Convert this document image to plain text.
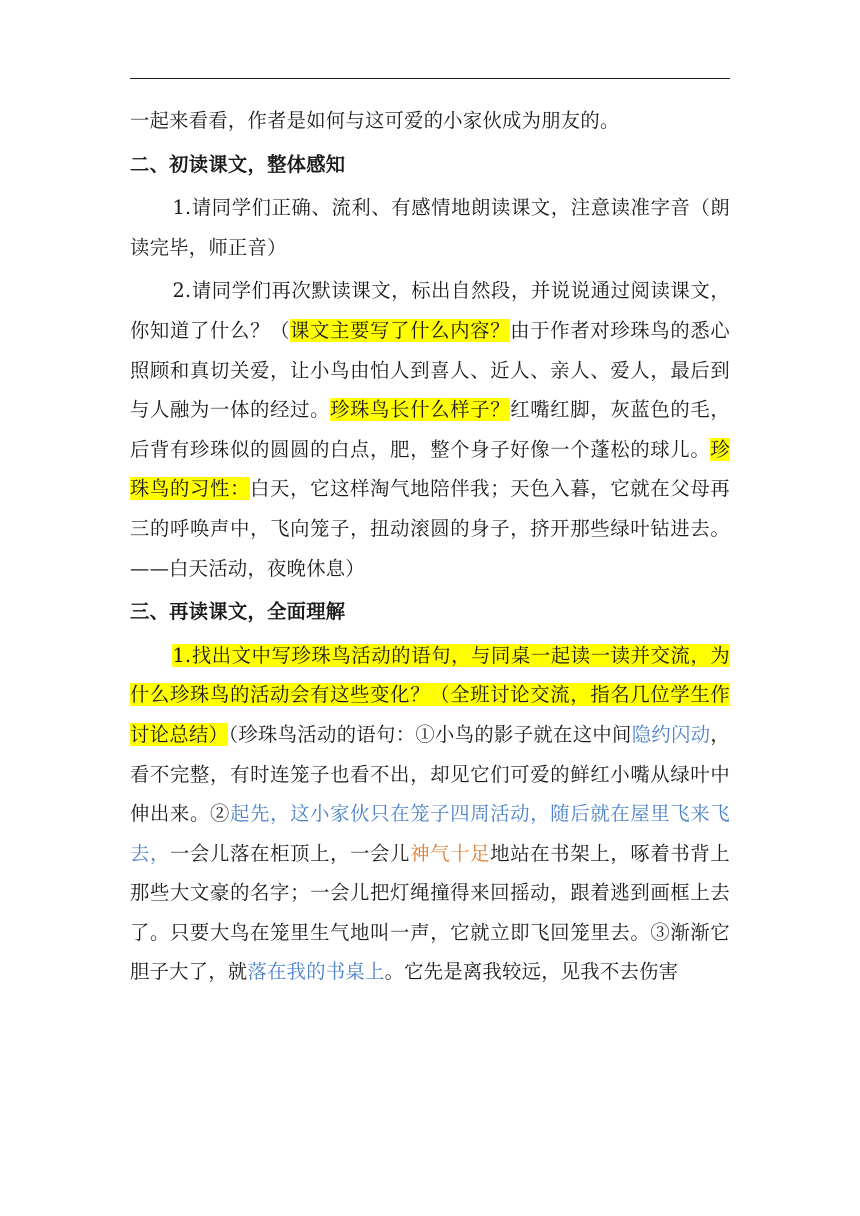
一起来看看，作者是如何与这可爱的小家伙成为朋友的。

二、初读课文，整体感知

1.请同学们正确、流利、有感情地朗读课文，注意读准字音（朗读完毕，师正音）

2.请同学们再次默读课文，标出自然段，并说说通过阅读课文，你知道了什么？（课文主要写了什么内容？由于作者对珍珠鸟的悉心照顾和真切关爱，让小鸟由怕人到喜人、近人、亲人、爱人，最后到与人融为一体的经过。珍珠鸟长什么样子？红嘴红脚，灰蓝色的毛，后背有珍珠似的圆圆的白点，肥，整个身子好像一个蓬松的球儿。珍珠鸟的习性：白天，它这样淘气地陪伴我；天色入暮，它就在父母再三的呼唤声中，飞向笼子，扭动滚圆的身子，挤开那些绿叶钻进去。——白天活动，夜晚休息）

三、再读课文，全面理解

1.找出文中写珍珠鸟活动的语句，与同桌一起读一读并交流，为什么珍珠鸟的活动会有这些变化？（全班讨论交流，指名几位学生作讨论总结）（珍珠鸟活动的语句：①小鸟的影子就在这中间隐约闪动，看不完整，有时连笼子也看不出，却见它们可爱的鲜红小嘴从绿叶中伸出来。②起先，这小家伙只在笼子四周活动，随后就在屋里飞来飞去，一会儿落在柜顶上，一会儿神气十足地站在书架上，啄着书背上那些大文豪的名字；一会儿把灯绳撞得来回摇动，跟着逃到画框上去了。只要大鸟在笼里生气地叫一声，它就立即飞回笼里去。③渐渐它胆子大了，就落在我的书桌上。它先是离我较远，见我不去伤害
